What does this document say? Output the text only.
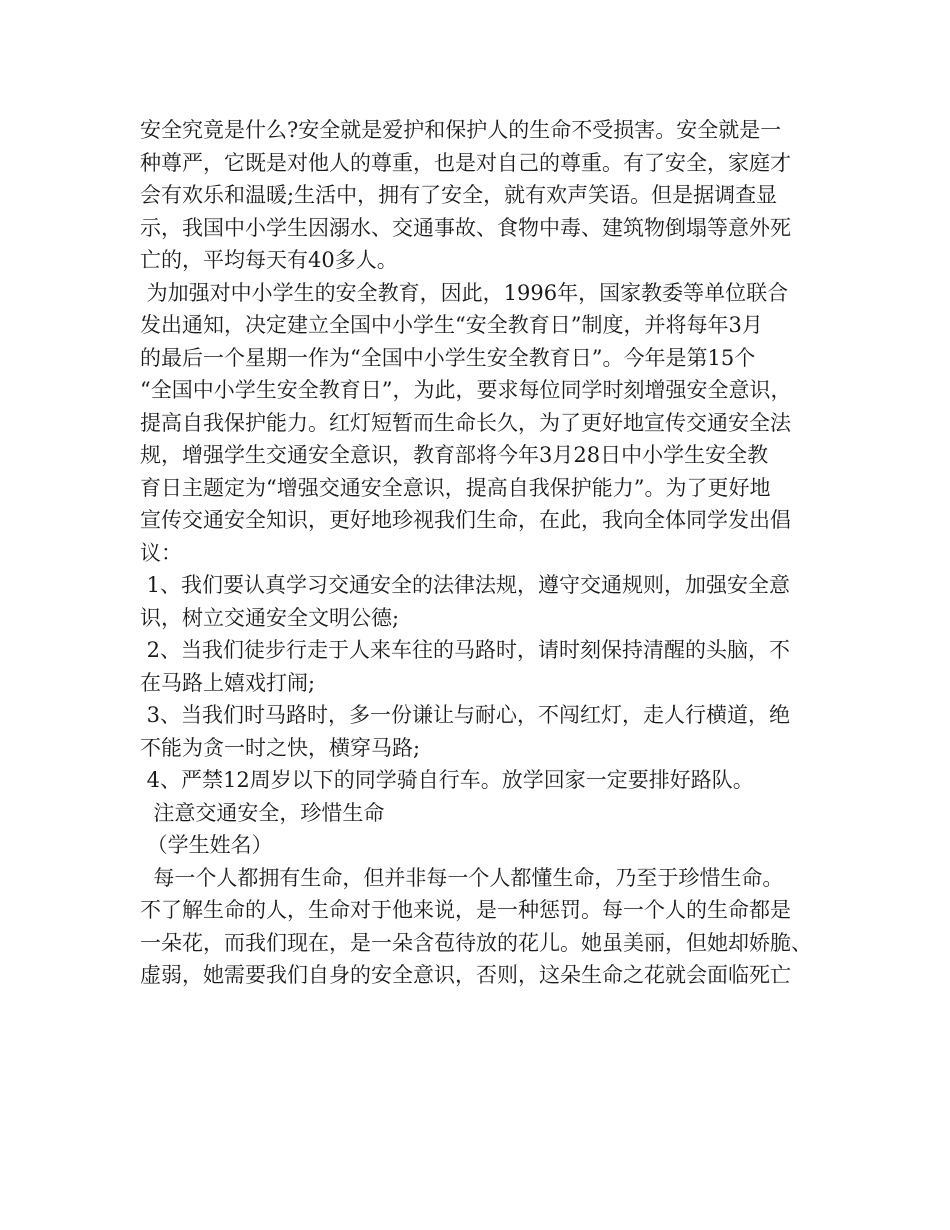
安全究竟是什么?安全就是爱护和保护人的生命不受损害。安全就是一
种尊严，它既是对他人的尊重，也是对自己的尊重。有了安全，家庭才
会有欢乐和温暖;生活中，拥有了安全，就有欢声笑语。但是据调查显
示，我国中小学生因溺水、交通事故、食物中毒、建筑物倒塌等意外死
亡的，平均每天有40多人。
为加强对中小学生的安全教育，因此，1996年，国家教委等单位联合
发出通知，决定建立全国中小学生“安全教育日”制度，并将每年3月
的最后一个星期一作为“全国中小学生安全教育日”。今年是第15个
“全国中小学生安全教育日”，为此，要求每位同学时刻增强安全意识，
提高自我保护能力。红灯短暂而生命长久，为了更好地宣传交通安全法
规，增强学生交通安全意识，教育部将今年3月28日中小学生安全教
育日主题定为“增强交通安全意识，提高自我保护能力”。为了更好地
宣传交通安全知识，更好地珍视我们生命，在此，我向全体同学发出倡
议：
1、我们要认真学习交通安全的法律法规，遵守交通规则，加强安全意
识，树立交通安全文明公德;
2、当我们徒步行走于人来车往的马路时，请时刻保持清醒的头脑，不
在马路上嬉戏打闹;
3、当我们时马路时，多一份谦让与耐心，不闯红灯，走人行横道，绝
不能为贪一时之快，横穿马路;
4、严禁12周岁以下的同学骑自行车。放学回家一定要排好路队。
注意交通安全，珍惜生命
（学生姓名）
每一个人都拥有生命，但并非每一个人都懂生命，乃至于珍惜生命。
不了解生命的人，生命对于他来说，是一种惩罚。每一个人的生命都是
一朵花，而我们现在，是一朵含苞待放的花儿。她虽美丽，但她却娇脆、
虚弱，她需要我们自身的安全意识，否则，这朵生命之花就会面临死亡
